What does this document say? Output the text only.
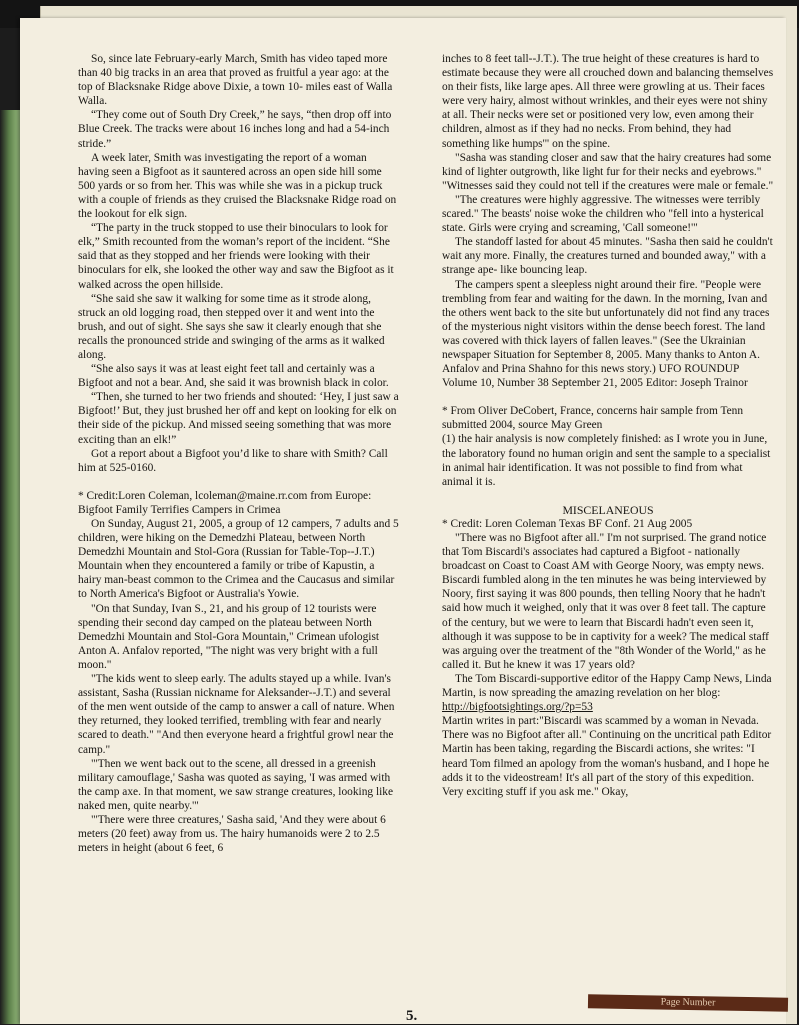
So, since late February-early March, Smith has video taped more than 40 big tracks in an area that proved as fruitful a year ago: at the top of Blacksnake Ridge above Dixie, a town 10- miles east of Walla Walla.

“They come out of South Dry Creek,” he says, “then drop off into Blue Creek. The tracks were about 16 inches long and had a 54-inch stride.”

A week later, Smith was investigating the report of a woman having seen a Bigfoot as it sauntered across an open side hill some 500 yards or so from her. This was while she was in a pickup truck with a couple of friends as they cruised the Blacksnake Ridge road on the lookout for elk sign.

“The party in the truck stopped to use their binoculars to look for elk,” Smith recounted from the woman’s report of the incident. “She said that as they stopped and her friends were looking with their binoculars for elk, she looked the other way and saw the Bigfoot as it walked across the open hillside.

“She said she saw it walking for some time as it strode along, struck an old logging road, then stepped over it and went into the brush, and out of sight. She says she saw it clearly enough that she recalls the pronounced stride and swinging of the arms as it walked along.

“She also says it was at least eight feet tall and certainly was a Bigfoot and not a bear. And, she said it was brownish black in color.

“Then, she turned to her two friends and shouted: ‘Hey, I just saw a Bigfoot!’ But, they just brushed her off and kept on looking for elk on their side of the pickup. And missed seeing something that was more exciting than an elk!”

Got a report about a Bigfoot you’d like to share with Smith? Call him at 525-0160.

* Credit:Loren Coleman, lcoleman@maine.rr.com from Europe: Bigfoot Family Terrifies Campers in Crimea

On Sunday, August 21, 2005, a group of 12 campers, 7 adults and 5 children, were hiking on the Demedzhi Plateau, between North Demedzhi Mountain and Stol-Gora (Russian for Table-Top--J.T.) Mountain when they encountered a family or tribe of Kapustin, a hairy man-beast common to the Crimea and the Caucasus and similar to North America's Bigfoot or Australia's Yowie.

"On that Sunday, Ivan S., 21, and his group of 12 tourists were spending their second day camped on the plateau between North Demedzhi Mountain and Stol-Gora Mountain," Crimean ufologist Anton A. Anfalov reported, "The night was very bright with a full moon."

"The kids went to sleep early. The adults stayed up a while. Ivan's assistant, Sasha (Russian nickname for Aleksander--J.T.) and several of the men went outside of the camp to answer a call of nature. When they returned, they looked terrified, trembling with fear and nearly scared to death." "And then everyone heard a frightful growl near the camp."

"'Then we went back out to the scene, all dressed in a greenish military camouflage,' Sasha was quoted as saying, 'I was armed with the camp axe. In that moment, we saw strange creatures, looking like naked men, quite nearby.'"

"'There were three creatures,' Sasha said, 'And they were about 6 meters (20 feet) away from us. The hairy humanoids were 2 to 2.5 meters in height (about 6 feet, 6

inches to 8 feet tall--J.T.). The true height of these creatures is hard to estimate because they were all crouched down and balancing themselves on their fists, like large apes. All three were growling at us. Their faces were very hairy, almost without wrinkles, and their eyes were not shiny at all. Their necks were set or positioned very low, even among their children, almost as if they had no necks. From behind, they had something like humps'" on the spine.

"Sasha was standing closer and saw that the hairy creatures had some kind of lighter outgrowth, like light fur for their necks and eyebrows." "Witnesses said they could not tell if the creatures were male or female."

"The creatures were highly aggressive. The witnesses were terribly scared." The beasts' noise woke the children who "fell into a hysterical state. Girls were crying and screaming, 'Call someone!'"

The standoff lasted for about 45 minutes. "Sasha then said he couldn't wait any more. Finally, the creatures turned and bounded away," with a strange ape- like bouncing leap.

The campers spent a sleepless night around their fire. "People were trembling from fear and waiting for the dawn. In the morning, Ivan and the others went back to the site but unfortunately did not find any traces of the mysterious night visitors within the dense beech forest. The land was covered with thick layers of fallen leaves." (See the Ukrainian newspaper Situation for September 8, 2005. Many thanks to Anton A. Anfalov and Prina Shahno for this news story.) UFO ROUNDUP Volume 10, Number 38 September 21, 2005 Editor: Joseph Trainor

* From Oliver DeCobert, France, concerns hair sample from Tenn submitted 2004, source May Green

(1) the hair analysis is now completely finished: as I wrote you in June, the laboratory found no human origin and sent the sample to a specialist in animal hair identification. It was not possible to find from what animal it is.

MISCELANEOUS

* Credit: Loren Coleman Texas BF Conf. 21 Aug 2005

"There was no Bigfoot after all." I'm not surprised. The grand notice that Tom Biscardi's associates had captured a Bigfoot - nationally broadcast on Coast to Coast AM with George Noory, was empty news. Biscardi fumbled along in the ten minutes he was being interviewed by Noory, first saying it was 800 pounds, then telling Noory that he hadn't said how much it weighed, only that it was over 8 feet tall. The capture of the century, but we were to learn that Biscardi hadn't even seen it, although it was suppose to be in captivity for a week? The medical staff was arguing over the treatment of the "8th Wonder of the World," as he called it. But he knew it was 17 years old?

The Tom Biscardi-supportive editor of the Happy Camp News, Linda Martin, is now spreading the amazing revelation on her blog:

http://bigfootsightings.org/?p=53

Martin writes in part:"Biscardi was scammed by a woman in Nevada. There was no Bigfoot after all." Continuing on the uncritical path Editor Martin has been taking, regarding the Biscardi actions, she writes: "I heard Tom filmed an apology from the woman's husband, and I hope he adds it to the videostream! It's all part of the story of this expedition. Very exciting stuff if you ask me." Okay,

5.
Page Number
